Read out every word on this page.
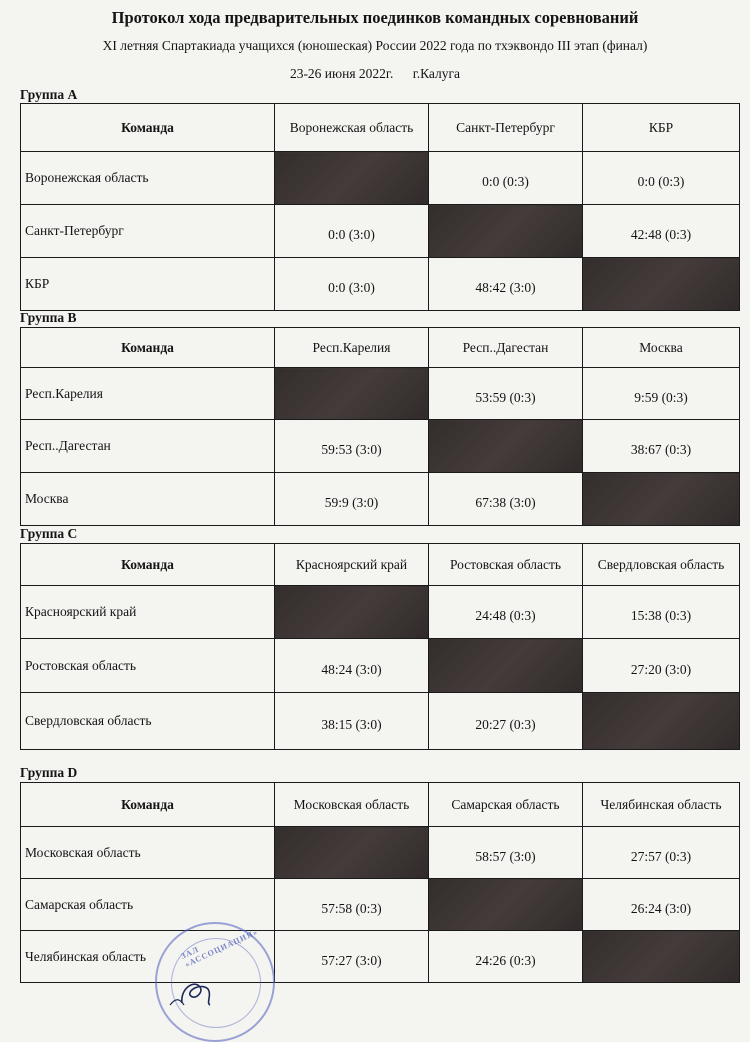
Протокол хода предварительных поединков командных соревнований
XI летняя Спартакиада учащихся (юношеская) России 2022 года по тхэквондо III этап (финал)
23-26 июня 2022г. г.Калуга
Группа A
Команда	Воронежская область	Санкт-Петербург	КБР
Воронежская область		0:0 (0:3)	0:0 (0:3)
Санкт-Петербург	0:0 (3:0)		42:48 (0:3)
КБР	0:0 (3:0)	48:42 (3:0)	
Группа B
Команда	Респ.Карелия	Респ..Дагестан	Москва
Респ.Карелия		53:59 (0:3)	9:59 (0:3)
Респ..Дагестан	59:53 (3:0)		38:67 (0:3)
Москва	59:9 (3:0)	67:38 (3:0)	
Группа C
Команда	Красноярский край	Ростовская область	Свердловская область
Красноярский край		24:48 (0:3)	15:38 (0:3)
Ростовская область	48:24 (3:0)		27:20 (3:0)
Свердловская область	38:15 (3:0)	20:27 (0:3)	
Группа D
Команда	Московская область	Самарская область	Челябинская область
Московская область		58:57 (3:0)	27:57 (0:3)
Самарская область	57:58 (0:3)		26:24 (3:0)
Челябинская область	57:27 (3:0)	24:26 (0:3)	
ЗАЛ «АССОЦИАЦИЯ»
